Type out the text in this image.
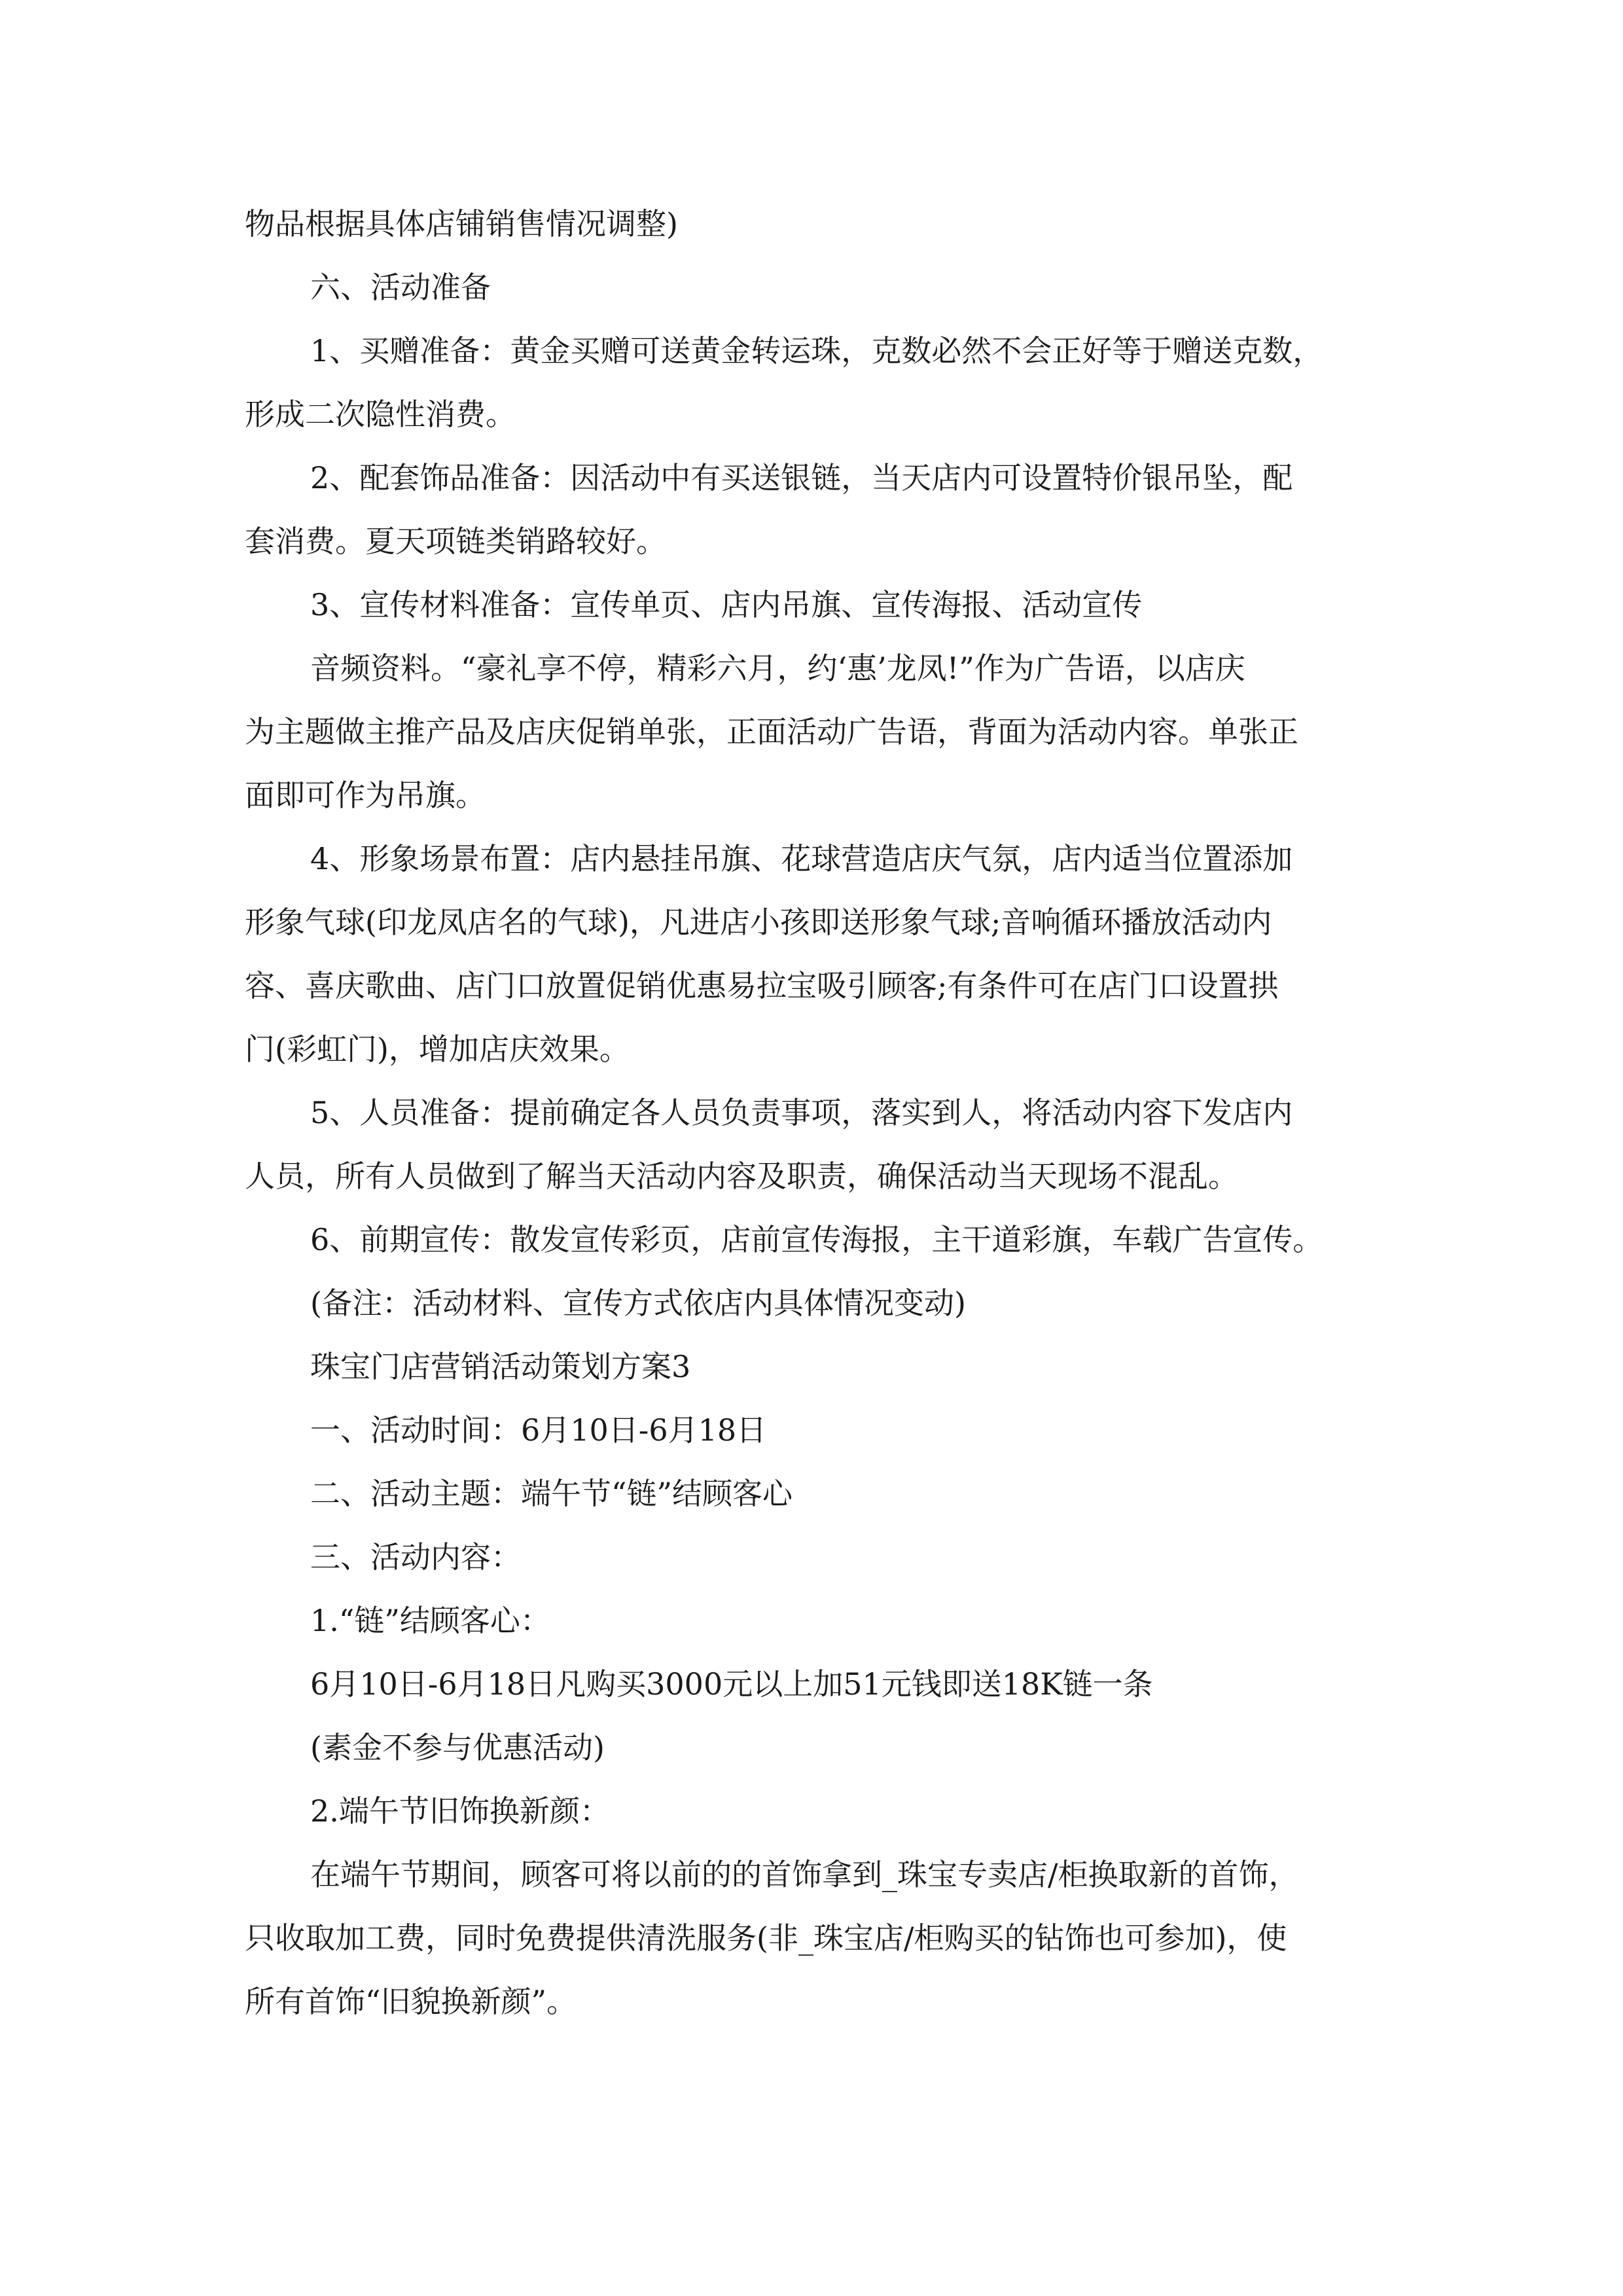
物品根据具体店铺销售情况调整)

六、活动准备

1、买赠准备：黄金买赠可送黄金转运珠，克数必然不会正好等于赠送克数，

形成二次隐性消费。

2、配套饰品准备：因活动中有买送银链，当天店内可设置特价银吊坠，配

套消费。夏天项链类销路较好。

3、宣传材料准备：宣传单页、店内吊旗、宣传海报、活动宣传

音频资料。“豪礼享不停，精彩六月，约‘惠’龙凤!”作为广告语，以店庆

为主题做主推产品及店庆促销单张，正面活动广告语，背面为活动内容。单张正

面即可作为吊旗。

4、形象场景布置：店内悬挂吊旗、花球营造店庆气氛，店内适当位置添加

形象气球(印龙凤店名的气球)，凡进店小孩即送形象气球;音响循环播放活动内

容、喜庆歌曲、店门口放置促销优惠易拉宝吸引顾客;有条件可在店门口设置拱

门(彩虹门)，增加店庆效果。

5、人员准备：提前确定各人员负责事项，落实到人，将活动内容下发店内

人员，所有人员做到了解当天活动内容及职责，确保活动当天现场不混乱。

6、前期宣传：散发宣传彩页，店前宣传海报，主干道彩旗，车载广告宣传。

(备注：活动材料、宣传方式依店内具体情况变动)

珠宝门店营销活动策划方案3

一、活动时间：6月10日-6月18日

二、活动主题：端午节“链”结顾客心

三、活动内容：

1.“链”结顾客心：

6月10日-6月18日凡购买3000元以上加51元钱即送18K链一条

(素金不参与优惠活动)

2.端午节旧饰换新颜：

在端午节期间，顾客可将以前的的首饰拿到_珠宝专卖店/柜换取新的首饰，

只收取加工费，同时免费提供清洗服务(非_珠宝店/柜购买的钻饰也可参加)，使

所有首饰“旧貌换新颜”。
